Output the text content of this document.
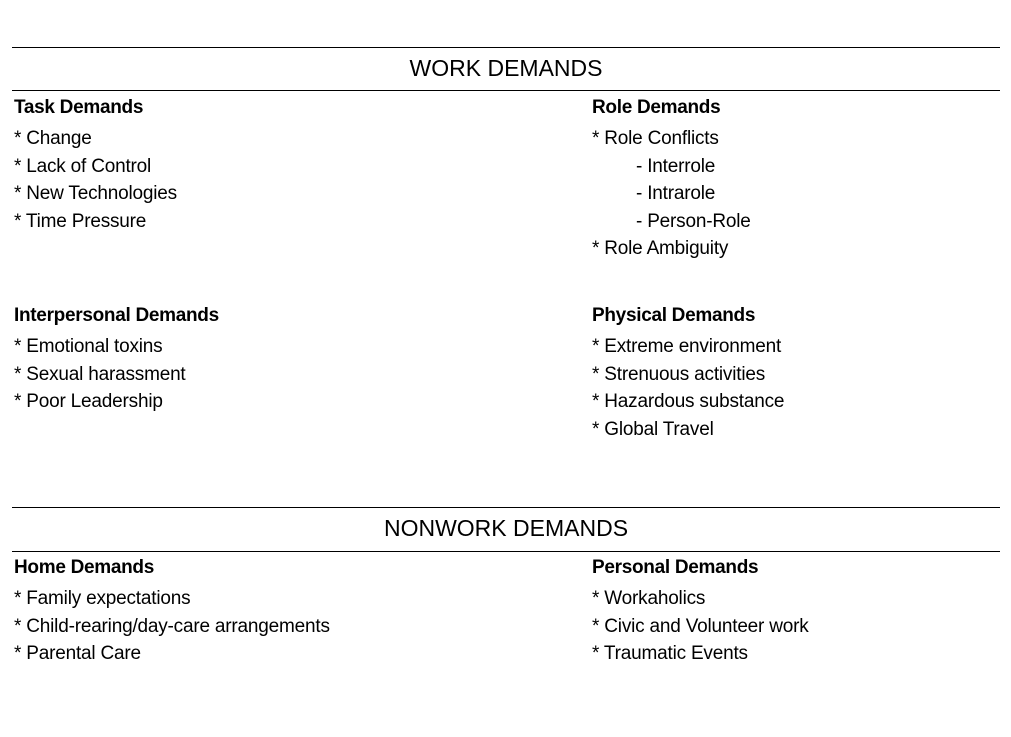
WORK DEMANDS
Task Demands
* Change
* Lack of Control
* New Technologies
* Time Pressure
Role Demands
* Role Conflicts
- Interrole
- Intrarole
- Person-Role
* Role Ambiguity
Interpersonal Demands
* Emotional toxins
* Sexual harassment
* Poor Leadership
Physical Demands
* Extreme environment
* Strenuous activities
* Hazardous substance
* Global Travel
NONWORK DEMANDS
Home Demands
* Family expectations
* Child-rearing/day-care arrangements
* Parental Care
Personal Demands
* Workaholics
* Civic and Volunteer work
* Traumatic Events
